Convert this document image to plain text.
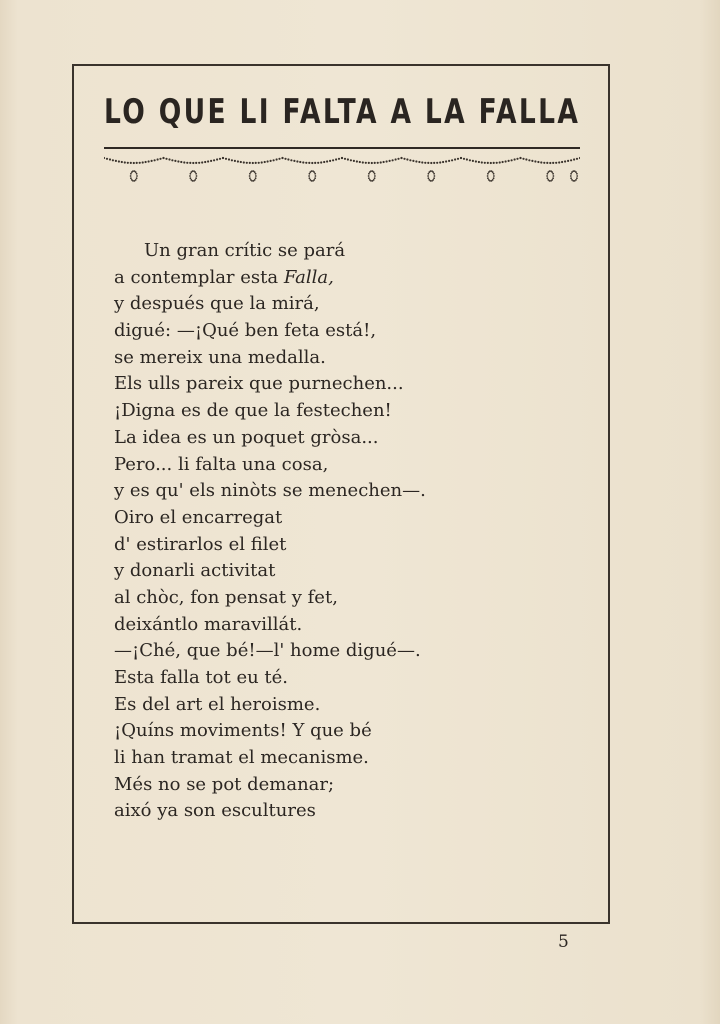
LO QUE LI FALTA A LA FALLA
Un gran crític se pará
a contemplar esta Falla,
y después que la mirá,
digué: —¡Qué ben feta está!,
se mereix una medalla.
Els ulls pareix que purnechen...
¡Digna es de que la festechen!
La idea es un poquet gròsa...
Pero... li falta una cosa,
y es qu' els ninòts se menechen—.
Oiro el encarregat
d' estirarlos el filet
y donarli activitat
al chòc, fon pensat y fet,
deixántlo maravillát.
—¡Ché, que bé!—l' home digué—.
Esta falla tot eu té.
Es del art el heroisme.
¡Quíns moviments! Y que bé
li han tramat el mecanisme.
Més no se pot demanar;
aixó ya son escultures
5
